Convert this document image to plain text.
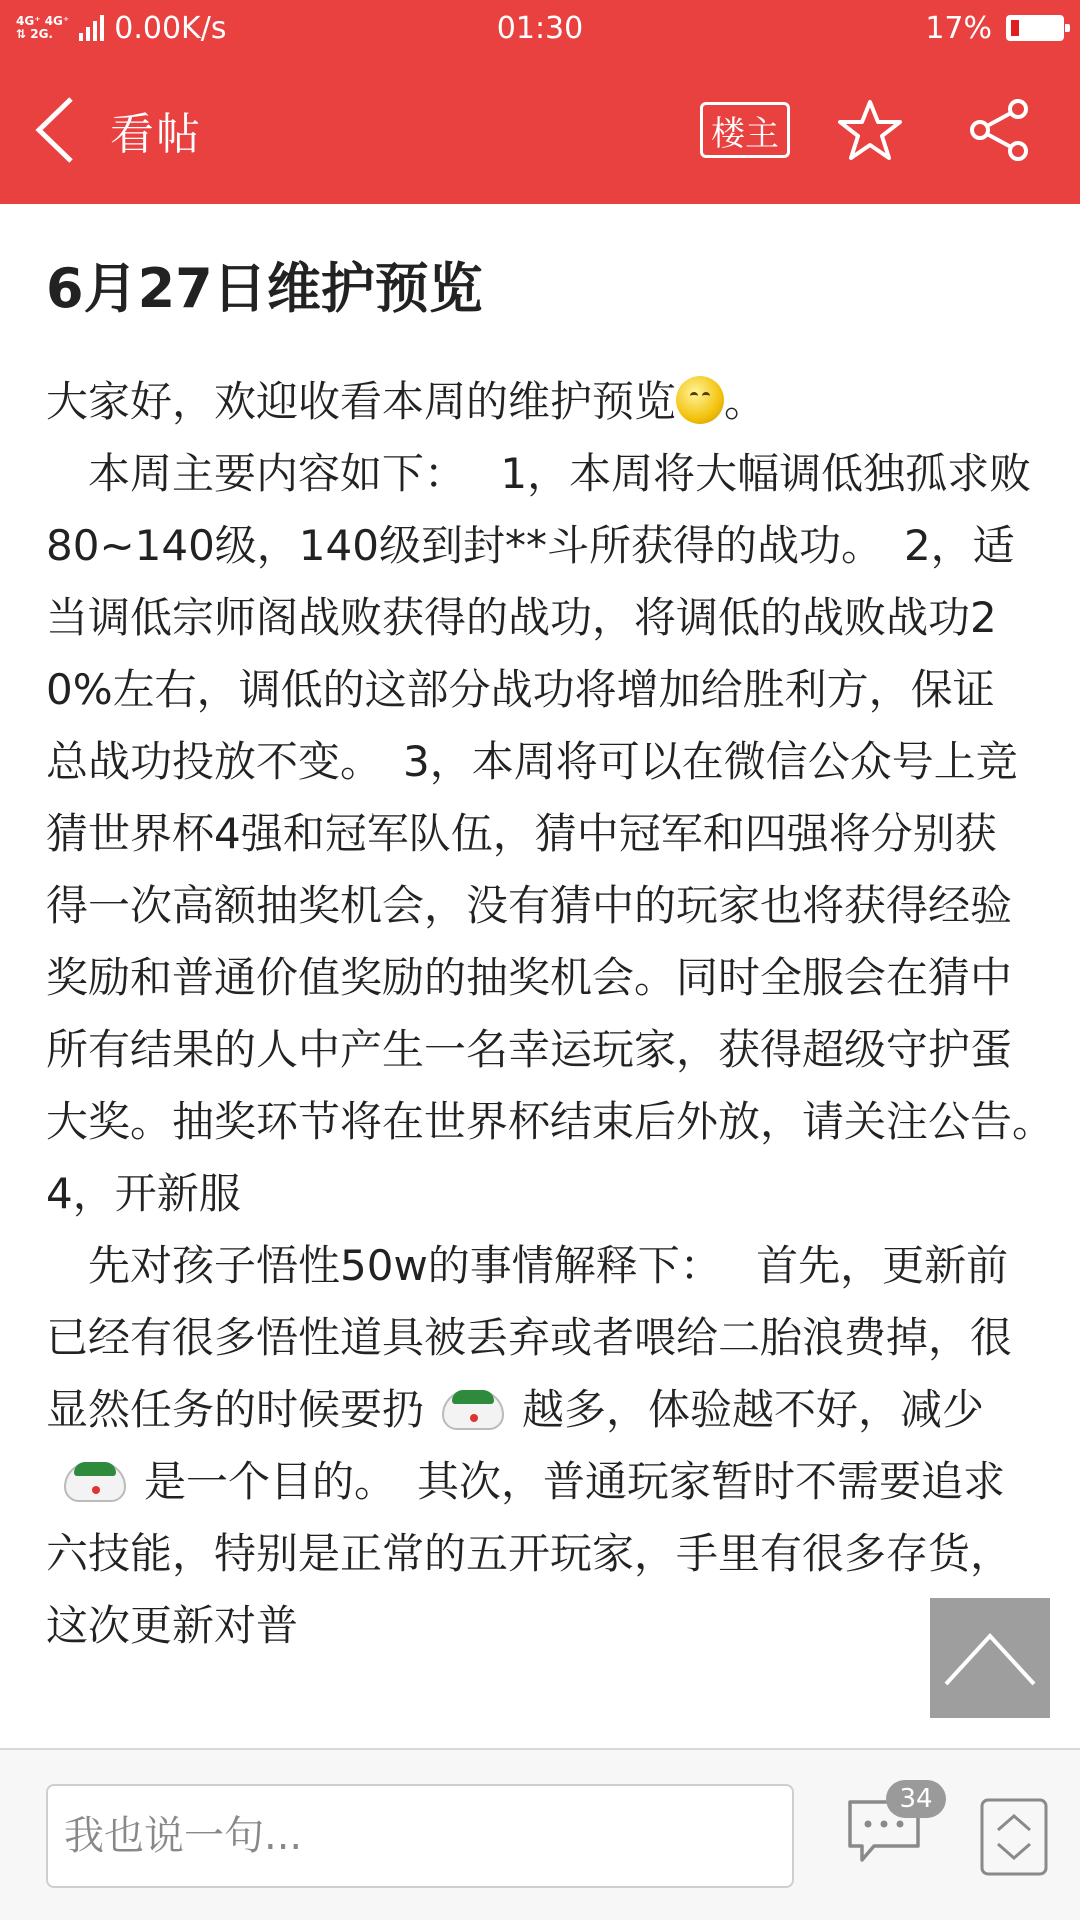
4G⁺ 4G⁺
⇅ 2G.	0.00K/s	01:30	17%
看帖	楼主
6月27日维护预览
大家好，欢迎收看本周的维护预览 。
本周主要内容如下：　 1，本周将大幅调低独孤求败 80~140级，140级到封**斗所获得的战功。　2，适当调低宗师阁战败获得的战功，将调低的战败战功20%左右，调低的这部分战功将增加给胜利方，保证总战功投放不变。　3，本周将可以在微信公众号上竞猜世界杯4强和冠军队伍，猜中冠军和四强将分别获得一次高额抽奖机会，没有猜中的玩家也将获得经验奖励和普通价值奖励的抽奖机会。同时全服会在猜中所有结果的人中产生一名幸运玩家，获得超级守护蛋大奖。抽奖环节将在世界杯结束后外放，请关注公告。　4，开新服
先对孩子悟性50w的事情解释下：　 首先，更新前已经有很多悟性道具被丢弃或者喂给二胎浪费掉，很显然任务的时候要扔 越多，体验越不好，减少是一个目的。　其次，普通玩家暂时不需要追求六技能，特别是正常的五开玩家，手里有很多存货，这次更新对普
我也说一句...
34
